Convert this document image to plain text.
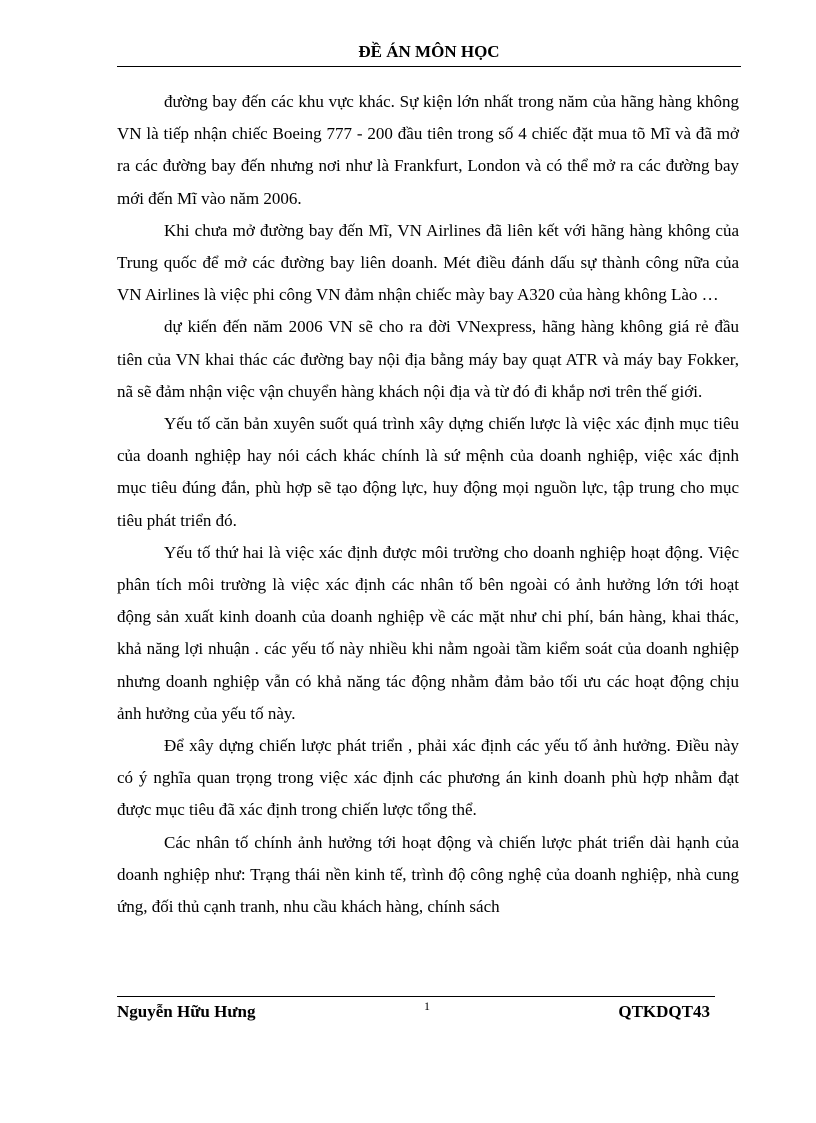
ĐỀ ÁN MÔN HỌC

đường bay đến các khu vực khác. Sự kiện lớn nhất trong năm của hãng hàng không VN là tiếp nhận chiếc Boeing 777 - 200 đầu tiên trong số 4 chiếc đặt mua tõ Mĩ và đã mở ra các đường bay đến nhưng nơi như là Frankfurt, London và có thể mở ra các đường bay mới đến Mĩ vào năm 2006.

Khi chưa mở đường bay đến Mĩ, VN Airlines đã liên kết với hãng hàng không của Trung quốc để mở các đường bay liên doanh. Mét điều đánh dấu sự thành công nữa của VN Airlines là việc phi công VN đảm nhận chiếc mày bay A320 của hàng không Lào …

dự kiến đến năm 2006 VN sẽ cho ra đời VNexpress, hãng hàng không giá rẻ đầu tiên của VN khai thác các đường bay nội địa bằng máy bay quạt ATR và máy bay Fokker, nã sẽ đảm nhận việc vận chuyển hàng khách nội địa và từ đó đi khắp nơi trên thế giới.

Yếu tố căn bản xuyên suốt quá trình xây dựng chiến lược là việc xác định mục tiêu của doanh nghiệp hay nói cách khác chính là sứ mệnh của doanh nghiệp, việc xác định mục tiêu đúng đắn, phù hợp sẽ tạo động lực, huy động mọi nguồn lực, tập trung cho mục tiêu phát triển đó.

Yếu tố thứ hai là việc xác định được môi trường cho doanh nghiệp hoạt động. Việc phân tích môi trường là việc xác định các nhân tố bên ngoài có ảnh hưởng lớn tới hoạt động sản xuất kinh doanh của doanh nghiệp về các mặt như chi phí, bán hàng, khai thác, khả năng lợi nhuận . các yếu tố này nhiều khi nằm ngoài tầm kiểm soát của doanh nghiệp nhưng doanh nghiệp vẫn có khả năng tác động nhằm đảm bảo tối ưu các hoạt động chịu ảnh hưởng của yếu tố này.

Để xây dựng chiến lược phát triển , phải xác định các yếu tố ảnh hưởng. Điều này có ý nghĩa quan trọng trong việc xác định các phương án kinh doanh phù hợp nhằm đạt được mục tiêu đã xác định trong chiến lược tổng thể.

Các nhân tố chính ảnh hưởng tới hoạt động và chiến lược phát triển dài hạnh của doanh nghiệp như: Trạng thái nền kinh tế, trình độ công nghệ của doanh nghiệp, nhà cung ứng, đối thủ cạnh tranh, nhu cầu khách hàng, chính sách

Nguyễn Hữu Hưng	1	QTKDQT43
